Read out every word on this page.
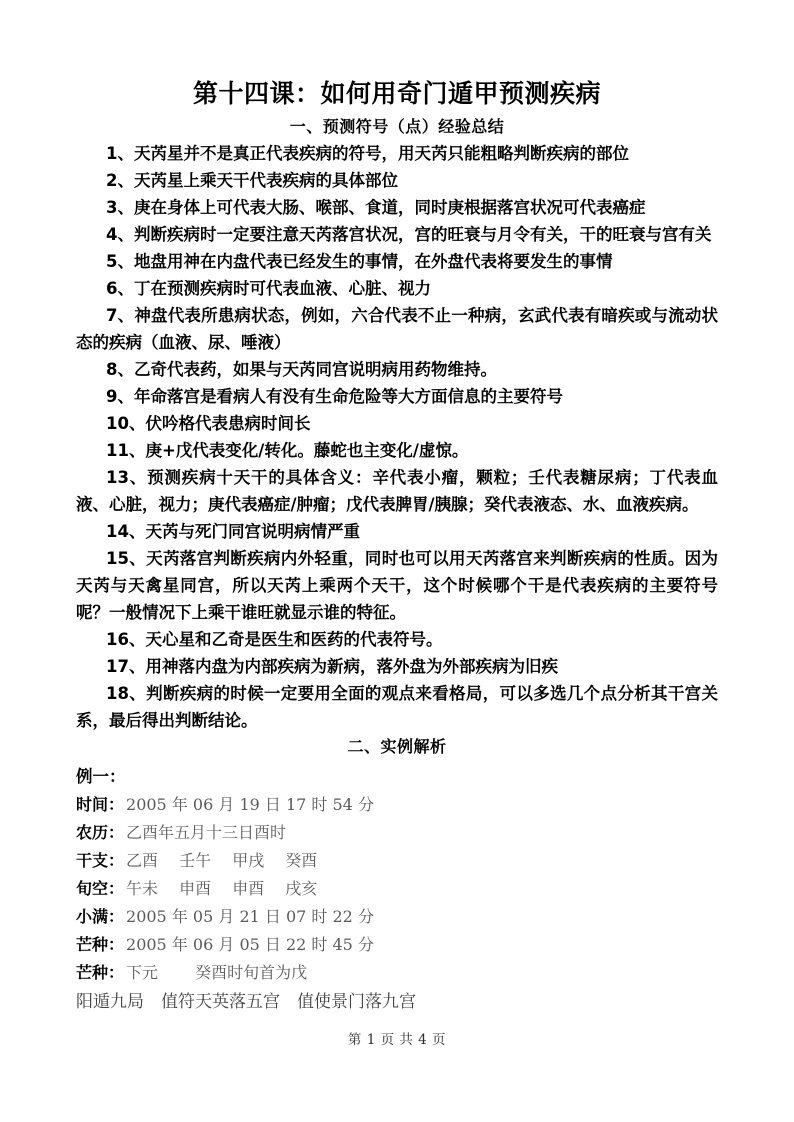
第十四课：如何用奇门遁甲预测疾病
一、预测符号（点）经验总结

1、天芮星并不是真正代表疾病的符号，用天芮只能粗略判断疾病的部位

2、天芮星上乘天干代表疾病的具体部位

3、庚在身体上可代表大肠、喉部、食道，同时庚根据落宫状况可代表癌症

4、判断疾病时一定要注意天芮落宫状况，宫的旺衰与月令有关，干的旺衰与宫有关

5、地盘用神在内盘代表已经发生的事情，在外盘代表将要发生的事情

6、丁在预测疾病时可代表血液、心脏、视力

7、神盘代表所患病状态，例如，六合代表不止一种病，玄武代表有暗疾或与流动状态的疾病（血液、尿、唾液）

8、乙奇代表药，如果与天芮同宫说明病用药物维持。

9、年命落宫是看病人有没有生命危险等大方面信息的主要符号

10、伏吟格代表患病时间长

11、庚+戊代表变化/转化。藤蛇也主变化/虚惊。

13、预测疾病十天干的具体含义：辛代表小瘤，颗粒；壬代表糖尿病；丁代表血液、心脏，视力；庚代表癌症/肿瘤；戊代表脾胃/胰腺；癸代表液态、水、血液疾病。

14、天芮与死门同宫说明病情严重

15、天芮落宫判断疾病内外轻重，同时也可以用天芮落宫来判断疾病的性质。因为天芮与天禽星同宫，所以天芮上乘两个天干，这个时候哪个干是代表疾病的主要符号呢？一般情况下上乘干谁旺就显示谁的特征。

16、天心星和乙奇是医生和医药的代表符号。

17、用神落内盘为内部疾病为新病，落外盘为外部疾病为旧疾

18、判断疾病的时候一定要用全面的观点来看格局，可以多选几个点分析其干宫关系，最后得出判断结论。

二、实例解析

例一：

时间： 2005 年 06 月 19 日 17 时 54 分

农历： 乙酉年五月十三日酉时

干支： 乙酉　 壬午　 甲戌　 癸酉

旬空： 午未　 申酉　 申酉　 戌亥

小满： 2005 年 05 月 21 日 07 时 22 分

芒种： 2005 年 06 月 05 日 22 时 45 分

芒种： 下元　　 癸酉时旬首为戊

阳遁九局　值符天英落五宫　值使景门落九宫

第 1 页 共 4 页
